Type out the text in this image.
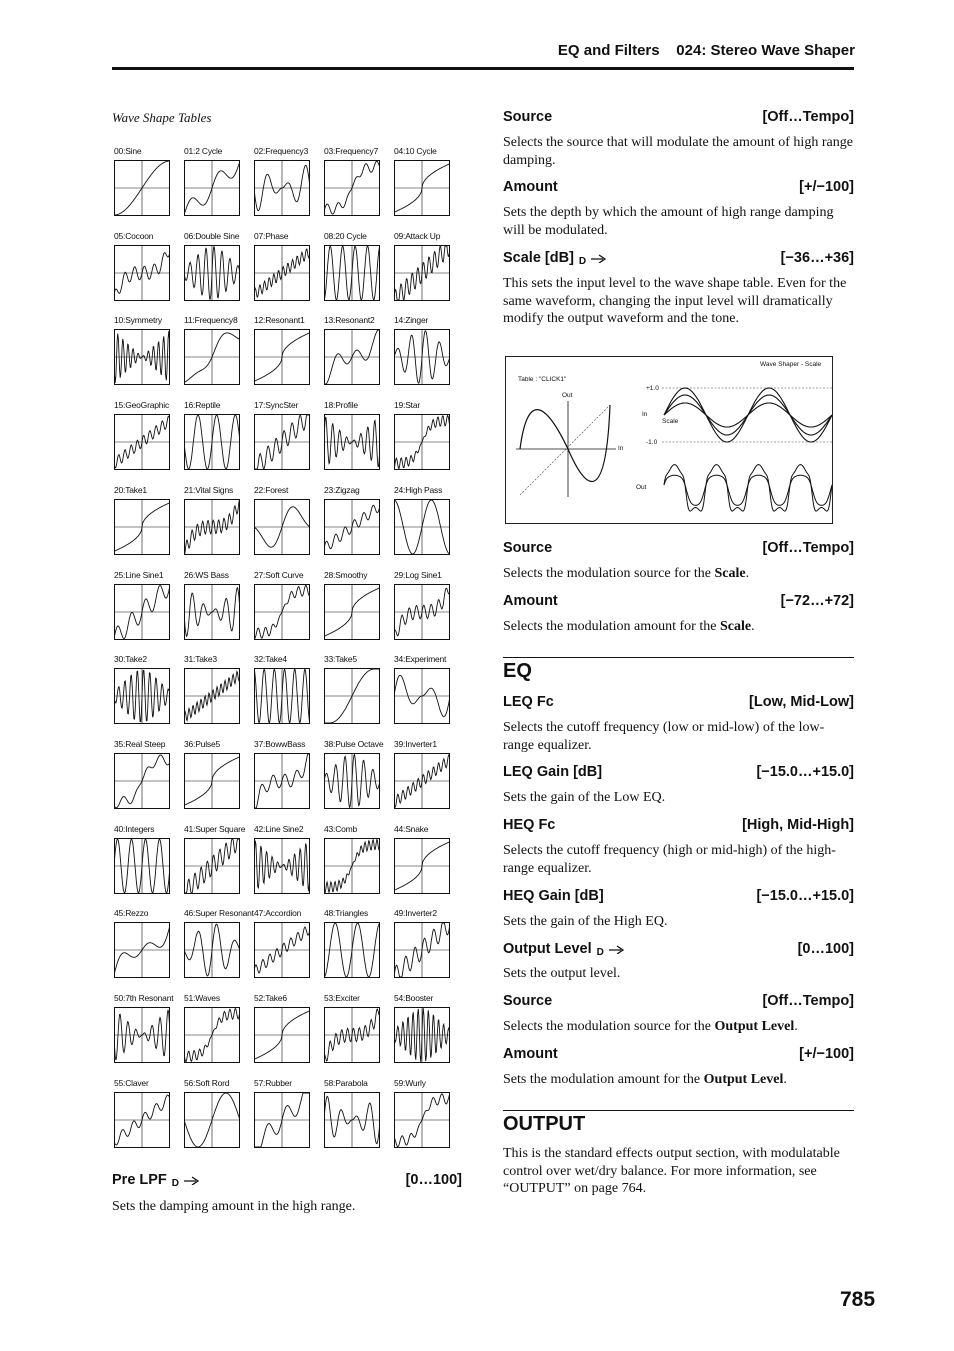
EQ and Filters 024: Stereo Wave Shaper
Wave Shape Tables
00:Sine	01:2 Cycle	02:Frequency3 03:Frequency7 04:10 Cycle
05:Cocoon	06:Double Sine 07:Phase	08:20 Cycle	09:Attack Up
10:Symmetry	11:Frequency8 12:Resonant1 13:Resonant2 14:Zinger
15:GeoGraphic 16:Reptile	17:SyncSter	18:Profile	19:Star
20:Take1	21:Vital Signs 22:Forest	23:Zigzag	24:High Pass
25:Line Sine1 26:WS Bass	27:Soft Curve 28:Smoothy	29:Log Sine1
30:Take2	31:Take3	32:Take4	33:Take5	34:Experiment
35:Real Steep 36:Pulse5	37:BowwBass 38:Pulse Octave 39:Inverter1
40:Integers	41:Super Square 42:Line Sine2 43:Comb	44:Snake
45:Rezzo	46:Super Resonant 47:Accordion	48:Triangles	49:Inverter2
50:7th Resonant 51:Waves	52:Take6	53:Exciter	54:Booster
55:Claver	56:Soft Rord	57:Rubber	58:Parabola	59:Wurly
Pre LPF D	[0…100]
Sets the damping amount in the high range.
Source	[Off…Tempo]
Selects the source that will modulate the amount of high range damping.
Amount	[+/−100]
Sets the depth by which the amount of high range damping will be modulated.
Scale [dB] D	[−36…+36]
This sets the input level to the wave shape table. Even for the same waveform, changing the input level will dramatically modify the output waveform and the tone.
Wave Shaper - Scale
Table : "CLICK1"
Out
In
+1.0
-1.0
In
Scale
Out
Source	[Off…Tempo]
Selects the modulation source for the Scale.
Amount	[−72…+72]
Selects the modulation amount for the Scale.
EQ
LEQ Fc	[Low, Mid-Low]
Selects the cutoff frequency (low or mid-low) of the low-range equalizer.
LEQ Gain [dB]	[−15.0…+15.0]
Sets the gain of the Low EQ.
HEQ Fc	[High, Mid-High]
Selects the cutoff frequency (high or mid-high) of the high-range equalizer.
HEQ Gain [dB]	[−15.0…+15.0]
Sets the gain of the High EQ.
Output Level D	[0…100]
Sets the output level.
Source	[Off…Tempo]
Selects the modulation source for the Output Level.
Amount	[+/−100]
Sets the modulation amount for the Output Level.
OUTPUT
This is the standard effects output section, with modulatable control over wet/dry balance. For more information, see “OUTPUT” on page 764.
785
